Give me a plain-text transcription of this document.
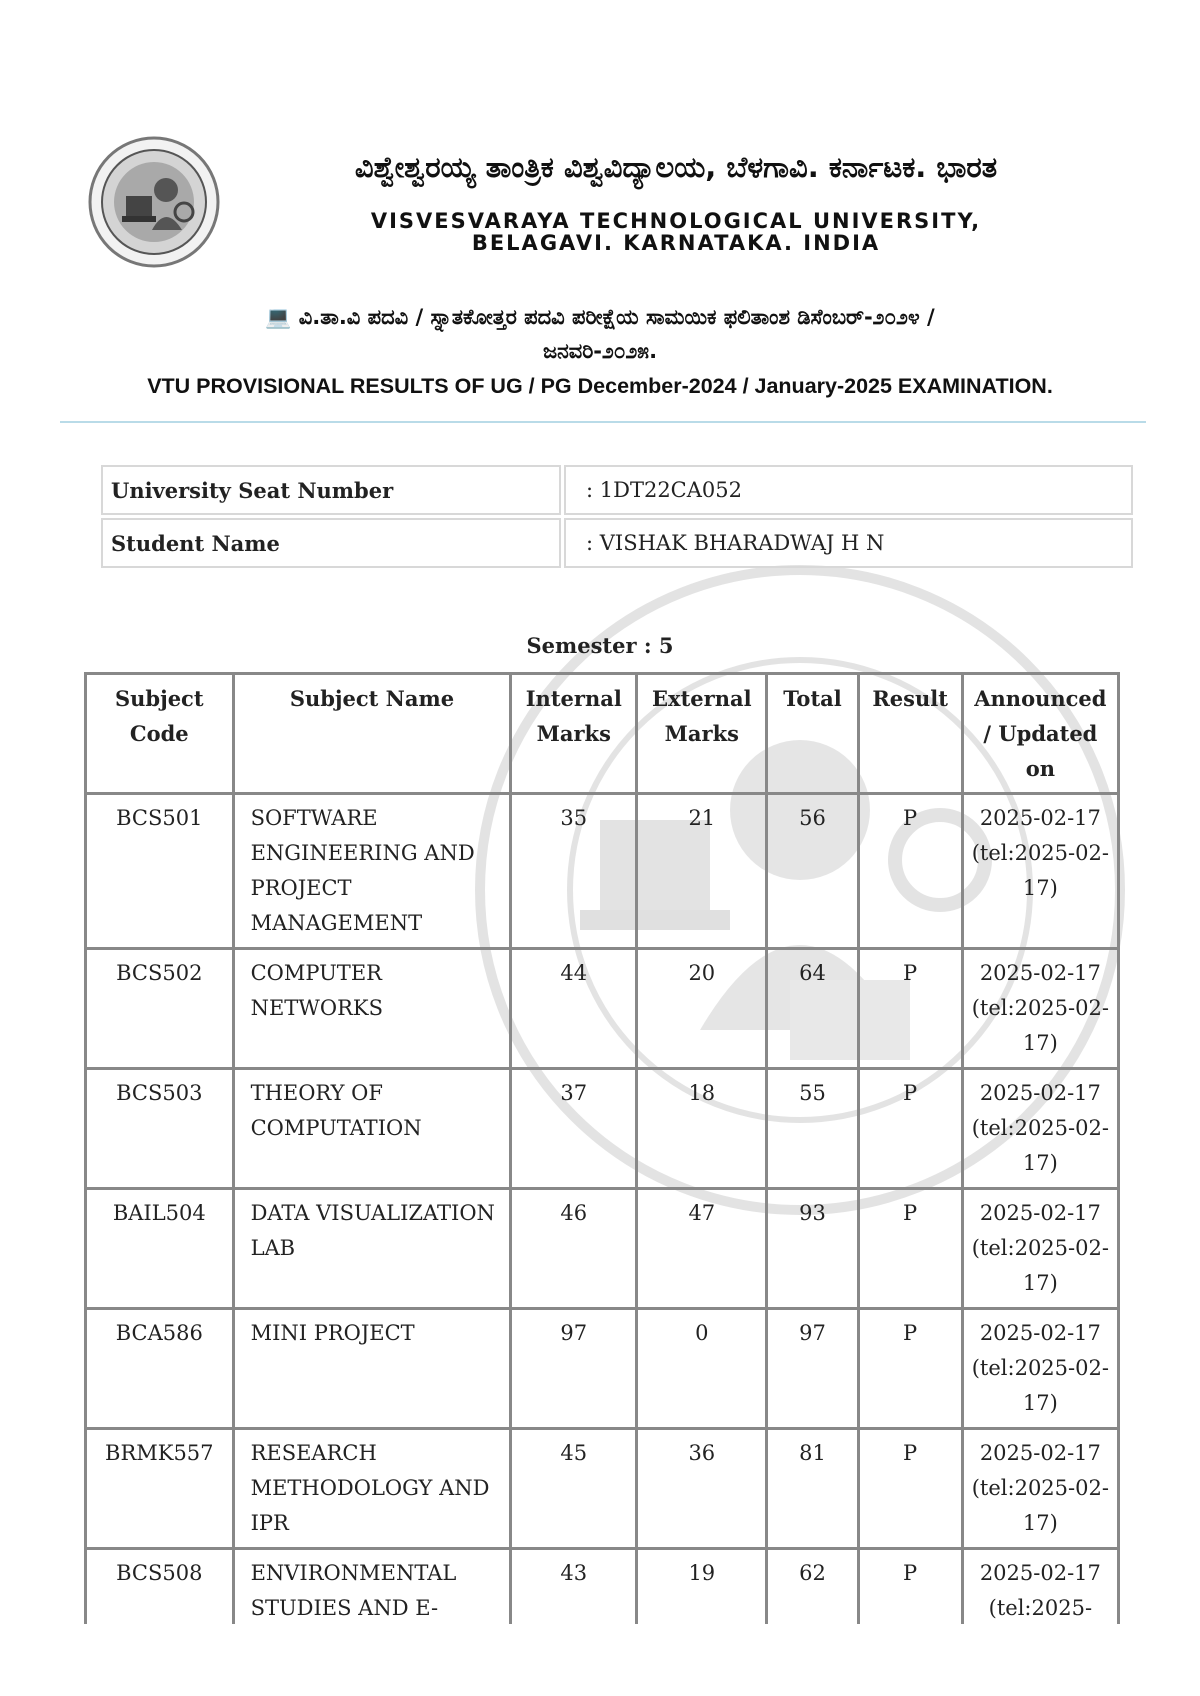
ವಿಶ್ವೇಶ್ವರಯ್ಯ ತಾಂತ್ರಿಕ ವಿಶ್ವವಿದ್ಯಾಲಯ, ಬೆಳಗಾವಿ. ಕರ್ನಾಟಕ. ಭಾರತ
VISVESVARAYA TECHNOLOGICAL UNIVERSITY,
BELAGAVI. KARNATAKA. INDIA
💻 ವಿ.ತಾ.ವಿ ಪದವಿ / ಸ್ನಾತಕೋತ್ತರ ಪದವಿ ಪರೀಕ್ಷೆಯ ಸಾಮಯಿಕ ಫಲಿತಾಂಶ ಡಿಸೆಂಬರ್-೨೦೨೪ /
ಜನವರಿ-೨೦೨೫.
VTU PROVISIONAL RESULTS OF UG / PG December-2024 / January-2025 EXAMINATION.
University Seat Number	: 1DT22CA052
Student Name	: VISHAK BHARADWAJ H N
Semester : 5
Subject Code	Subject Name	Internal Marks	External Marks	Total	Result	Announced / Updated on
BCS501	SOFTWARE ENGINEERING AND PROJECT MANAGEMENT	35	21	56	P	2025-02-17 (tel:2025-02-17)
BCS502	COMPUTER NETWORKS	44	20	64	P	2025-02-17 (tel:2025-02-17)
BCS503	THEORY OF COMPUTATION	37	18	55	P	2025-02-17 (tel:2025-02-17)
BAIL504	DATA VISUALIZATION LAB	46	47	93	P	2025-02-17 (tel:2025-02-17)
BCA586	MINI PROJECT	97	0	97	P	2025-02-17 (tel:2025-02-17)
BRMK557	RESEARCH METHODOLOGY AND IPR	45	36	81	P	2025-02-17 (tel:2025-02-17)
BCS508	ENVIRONMENTAL STUDIES AND E-	43	19	62	P	2025-02-17 (tel:2025-
